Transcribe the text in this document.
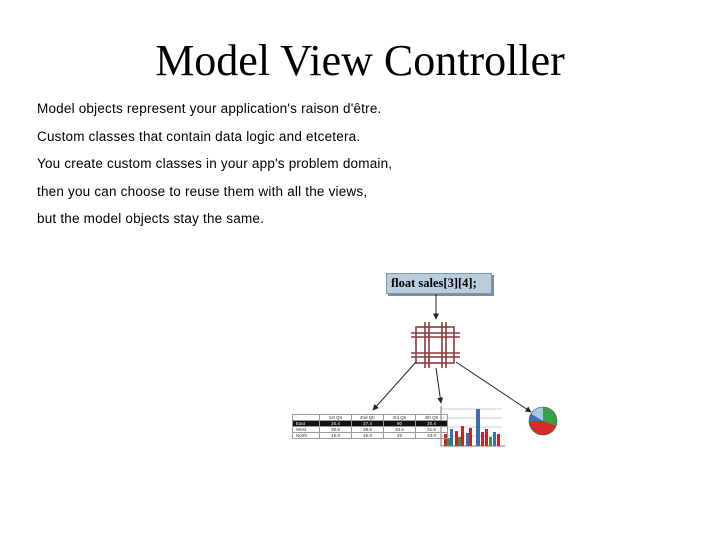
Model View Controller
Model objects represent your application's raison d'être.
Custom classes that contain data logic and etcetera.
You create custom classes in your app's problem domain,
then you can choose to reuse them with all the views,
but the model objects stay the same.
float sales[3][4];
	1st Qtr	2nd Qtr	3rd Qtr	4th Qtr
East	20.4	27.4	90	20.4
West	30.6	38.6	34.6	31.6
North	45.9	46.9	45	43.9
